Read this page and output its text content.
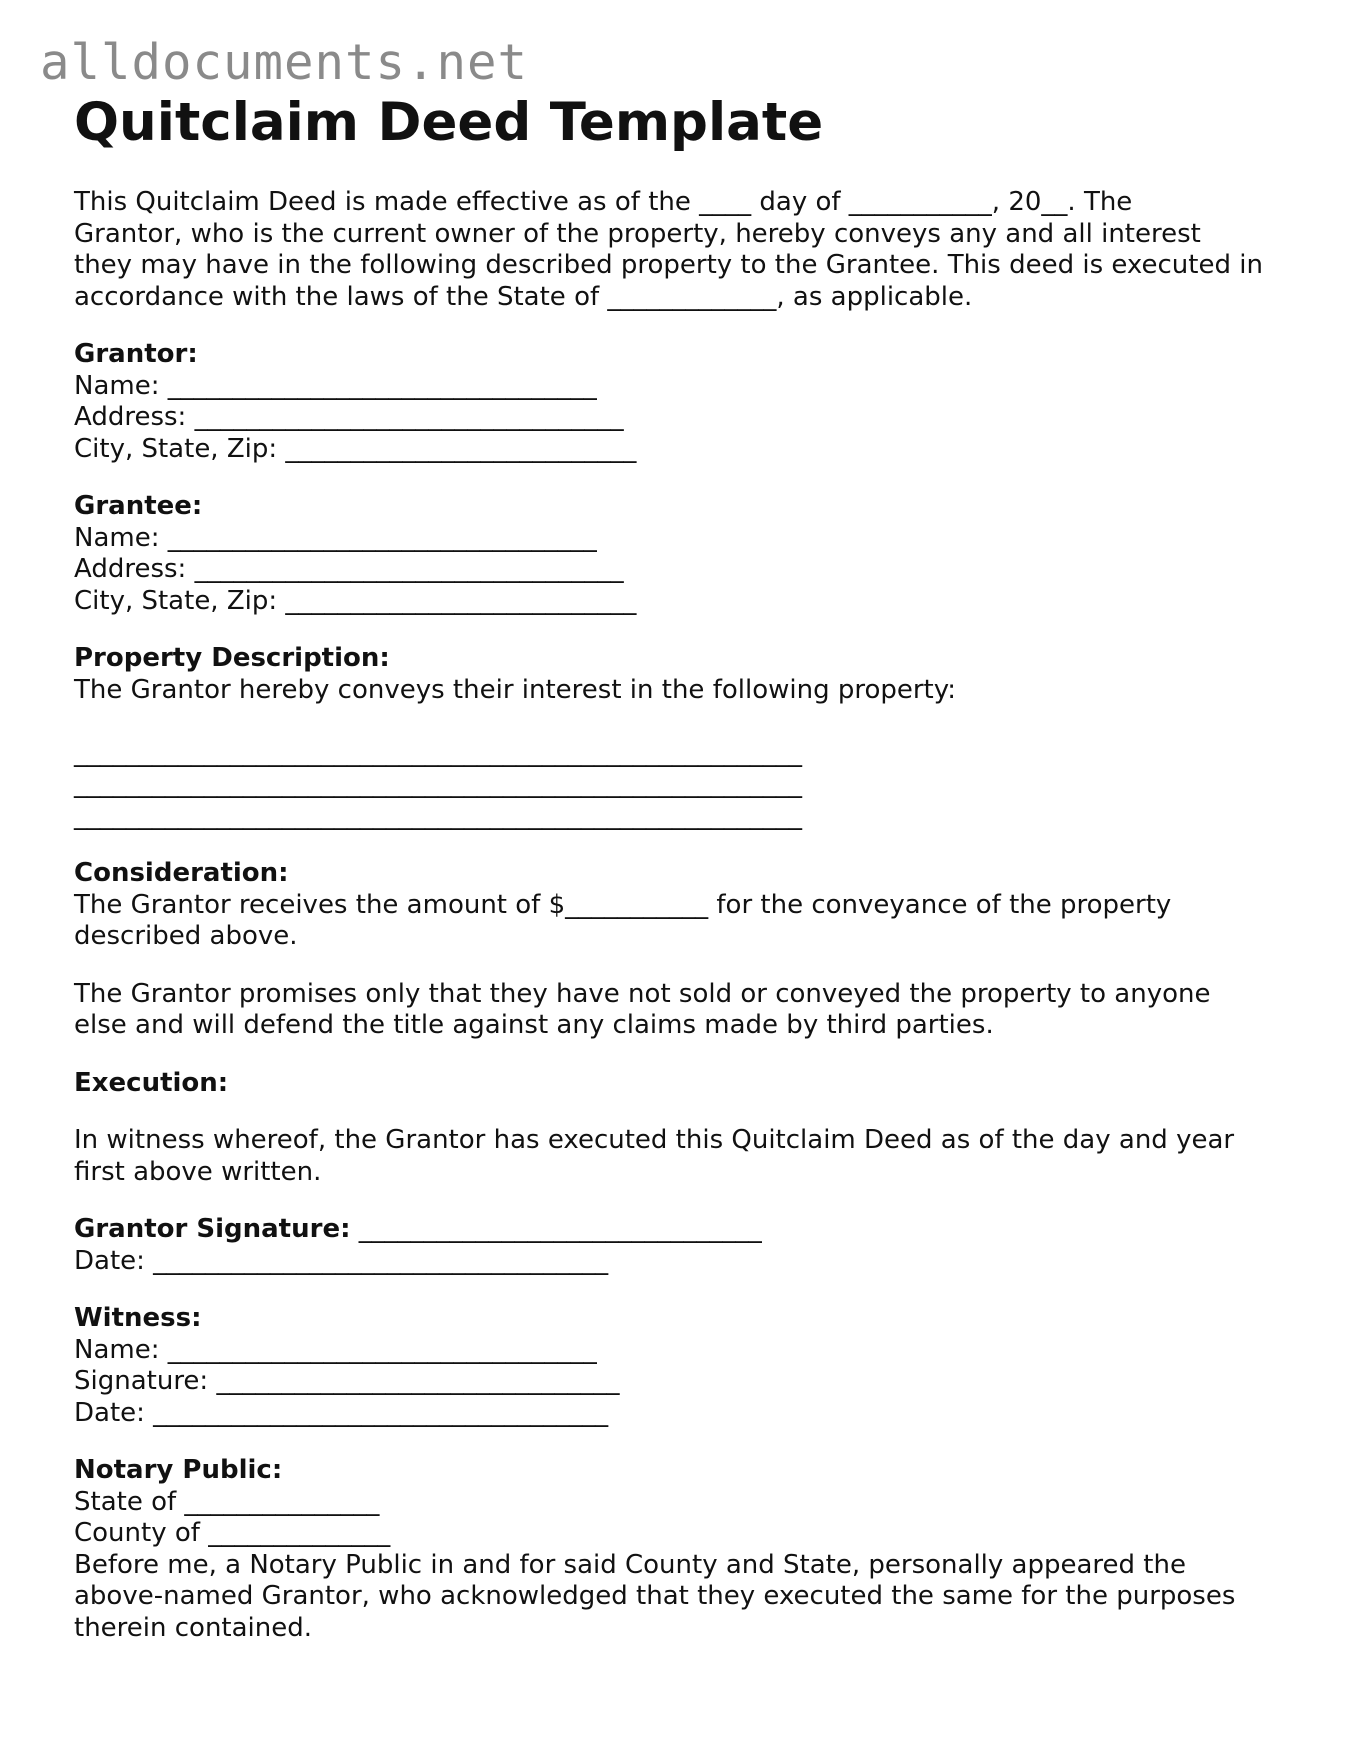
alldocuments.net
Quitclaim Deed Template
This Quitclaim Deed is made effective as of the ____ day of ___________, 20__. The
Grantor, who is the current owner of the property, hereby conveys any and all interest
they may have in the following described property to the Grantee. This deed is executed in
accordance with the laws of the State of _____________, as applicable.
Grantor:
Name: _________________________________
Address: _________________________________
City, State, Zip: ___________________________
Grantee:
Name: _________________________________
Address: _________________________________
City, State, Zip: ___________________________
Property Description:
The Grantor hereby conveys their interest in the following property:
________________________________________________________
________________________________________________________
________________________________________________________
Consideration:
The Grantor receives the amount of $___________ for the conveyance of the property
described above.
The Grantor promises only that they have not sold or conveyed the property to anyone
else and will defend the title against any claims made by third parties.
Execution:
In witness whereof, the Grantor has executed this Quitclaim Deed as of the day and year
first above written.
Grantor Signature: _______________________________
Date: ___________________________________
Witness:
Name: _________________________________
Signature: _______________________________
Date: ___________________________________
Notary Public:
State of _______________
County of ______________
Before me, a Notary Public in and for said County and State, personally appeared the
above-named Grantor, who acknowledged that they executed the same for the purposes
therein contained.
